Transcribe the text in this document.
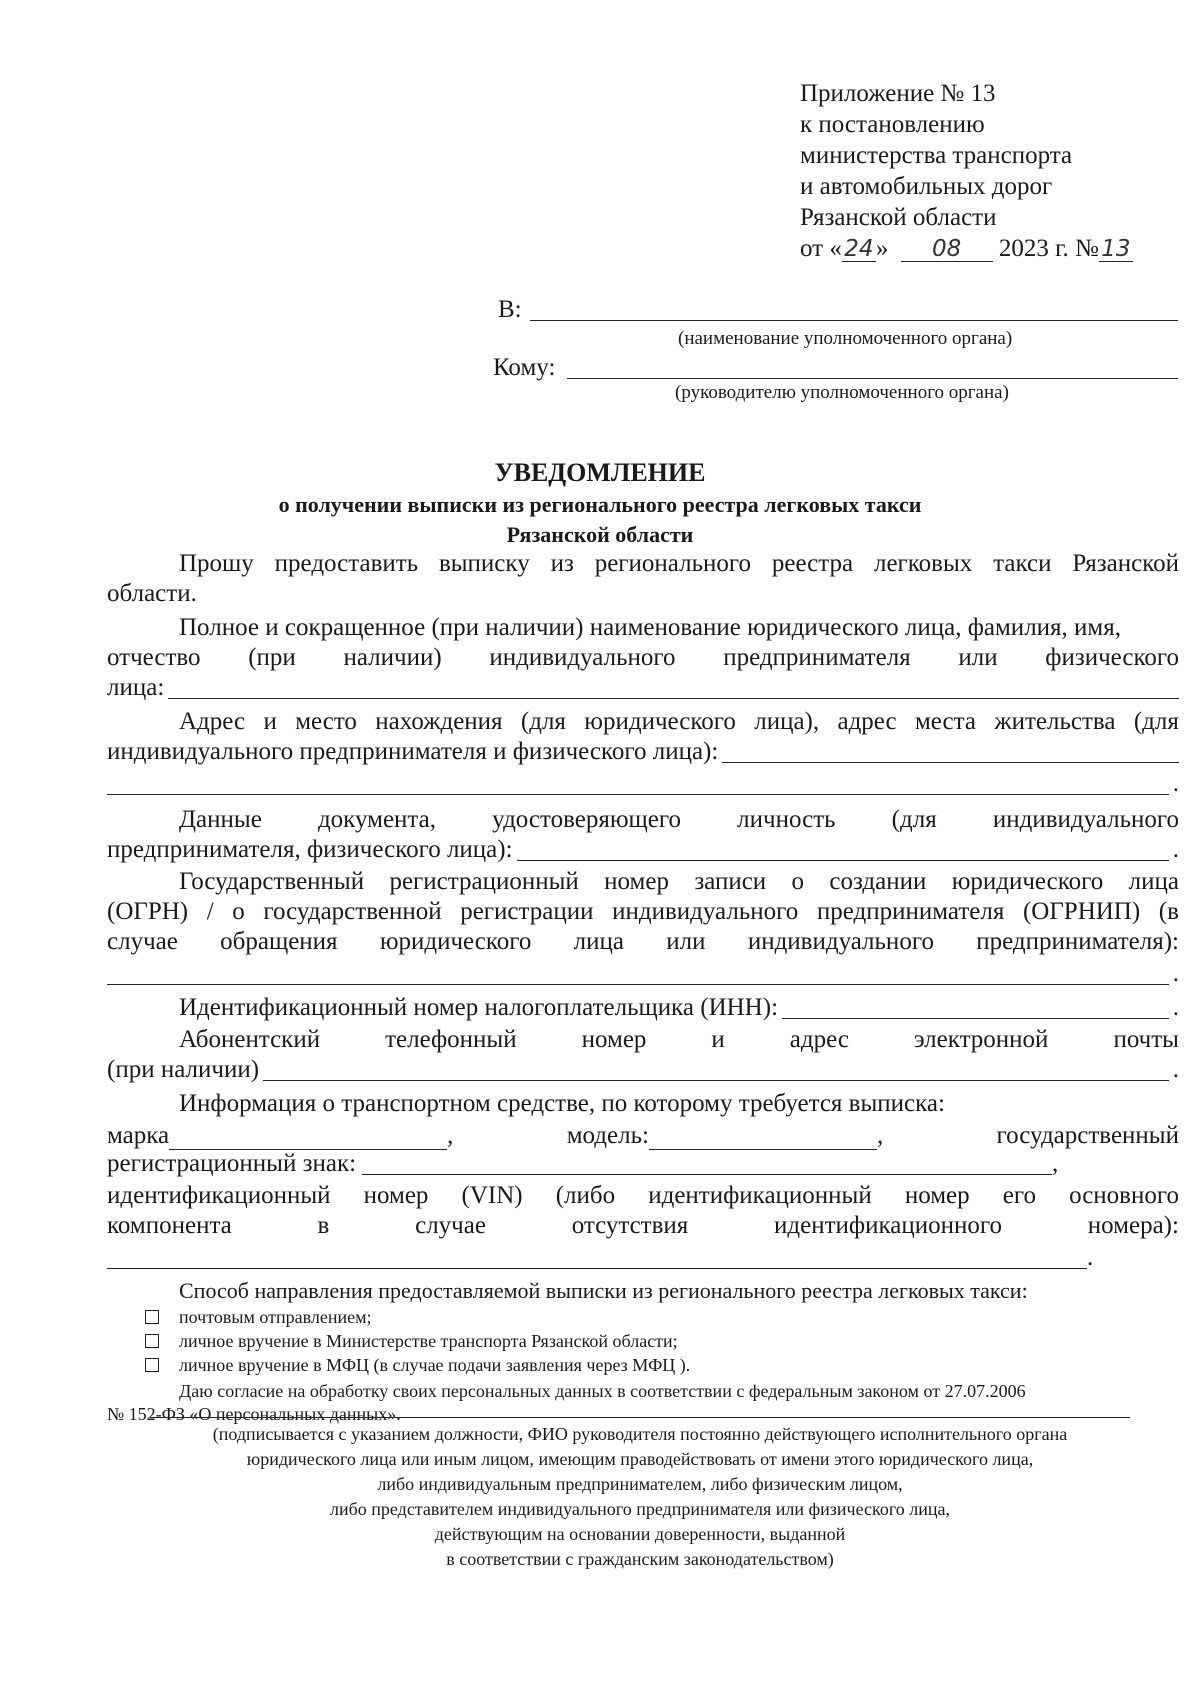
Приложение № 13
к постановлению
министерства транспорта
и автомобильных дорог
Рязанской области
от « 24» 08 2023 г. № 13
В:
(наименование уполномоченного органа)
Кому:
(руководителю уполномоченного органа)
УВЕДОМЛЕНИЕ
о получении выписки из регионального реестра легковых такси
Рязанской области
Прошу предоставить выписку из регионального реестра легковых такси Рязанской
области.
Полное и сокращенное (при наличии) наименование юридического лица, фамилия, имя,
отчество (при наличии) индивидуального предпринимателя или физического
лица:
Адрес и место нахождения (для юридического лица), адрес места жительства (для
индивидуального предпринимателя и физического лица):
.
Данные документа, удостоверяющего личность (для индивидуального
предпринимателя, физического лица):	.
Государственный регистрационный номер записи о создании юридического лица
(ОГРН) / о государственной регистрации индивидуального предпринимателя (ОГРНИП) (в
случае обращения юридического лица или индивидуального предпринимателя):
.
Идентификационный номер налогоплательщика (ИНН):	.
Абонентский	телефонный	номер	и	адрес	электронной	почты
(при наличии)	.
Информация о транспортном средстве, по которому требуется выписка:
марка	,	модель:	,	государственный
регистрационный знак:	,
идентификационный номер (VIN) (либо идентификационный номер его основного
компонента	в	случае	отсутствия	идентификационного	номера):
.
Способ направления предоставляемой выписки из регионального реестра легковых такси:
почтовым отправлением;
личное вручение в Министерстве транспорта Рязанской области;
личное вручение в МФЦ (в случае подачи заявления через МФЦ ).
Даю согласие на обработку своих персональных данных в соответствии с федеральным законом от 27.07.2006
№ 152-ФЗ «О персональных данных».
(подписывается с указанием должности, ФИО руководителя постоянно действующего исполнительного органа
юридического лица или иным лицом, имеющим праводействовать от имени этого юридического лица,
либо индивидуальным предпринимателем, либо физическим лицом,
либо представителем индивидуального предпринимателя или физического лица,
действующим на основании доверенности, выданной
в соответствии с гражданским законодательством)
